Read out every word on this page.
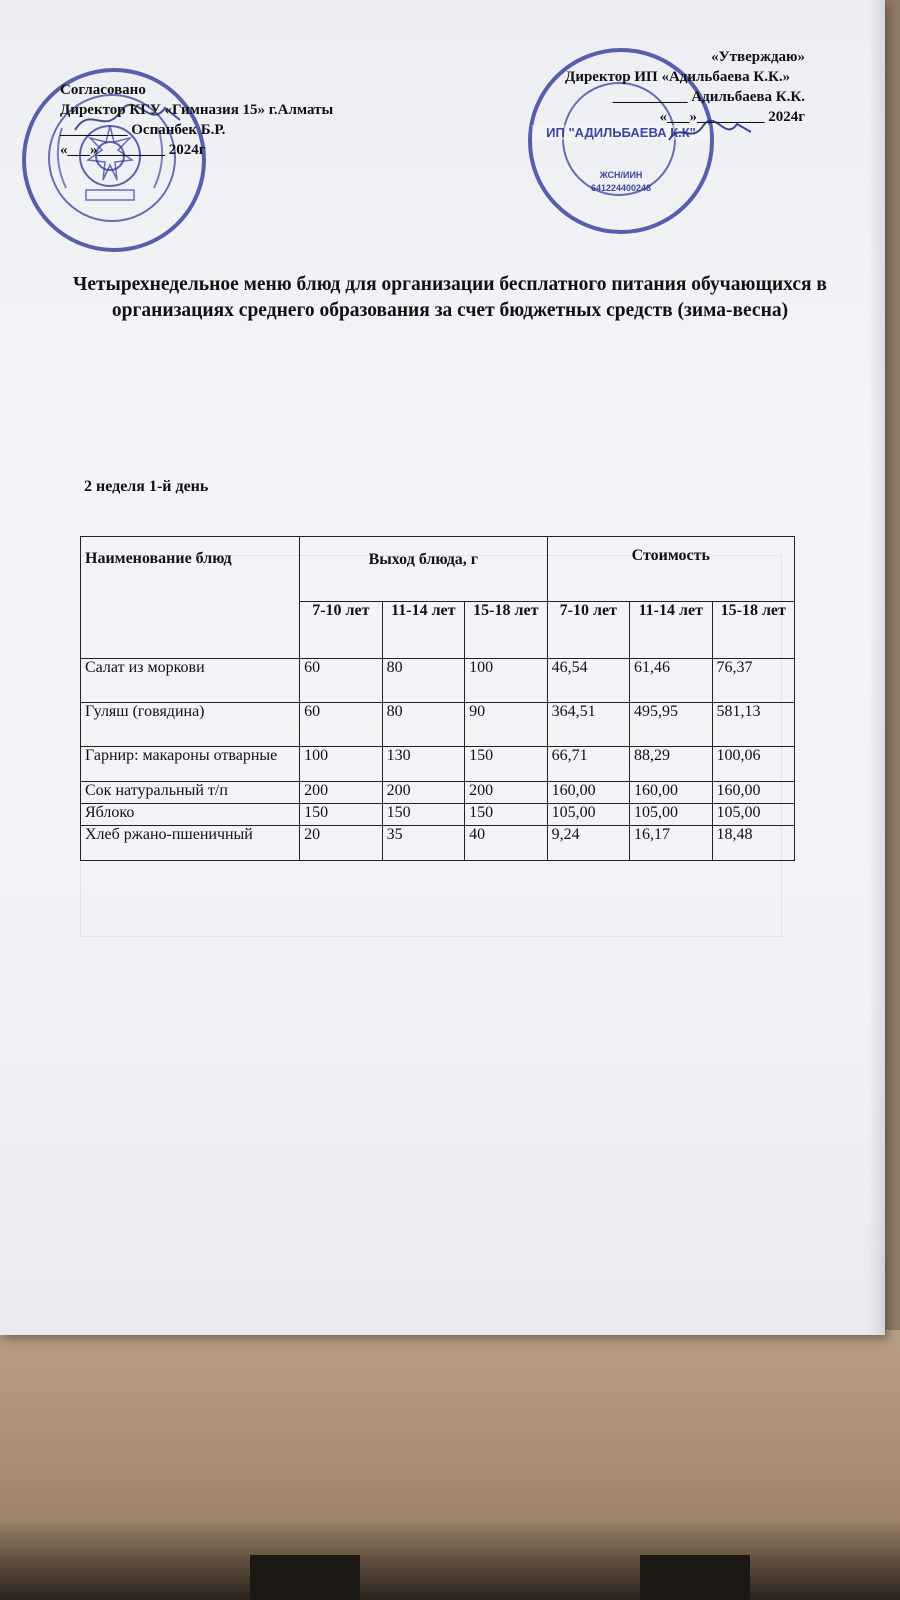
Согласовано
Директор КГУ «Гимназия 15» г.Алматы
_________ Оспанбек Б.Р.
«___»_________ 2024г
ИП "АДИЛЬБАЕВА К.К"
ЖСН/ИИН
641224400248
«Утверждаю»
Директор ИП «Адильбаева К.К.»
__________ Адильбаева К.К.
«___»_________ 2024г
Четырехнедельное меню блюд для организации бесплатного питания обучающихся в организациях среднего образования за счет бюджетных средств (зима-весна)
2 неделя 1-й день
Наименование блюд	Выход блюда, г			Стоимость		
	7-10 лет	11-14 лет	15-18 лет	7-10 лет	11-14 лет	15-18 лет
Салат из моркови	60	80	100	46,54	61,46	76,37
Гуляш (говядина)	60	80	90	364,51	495,95	581,13
Гарнир: макароны отварные	100	130	150	66,71	88,29	100,06
Сок натуральный т/п	200	200	200	160,00	160,00	160,00
Яблоко	150	150	150	105,00	105,00	105,00
Хлеб ржано-пшеничный	20	35	40	9,24	16,17	18,48
